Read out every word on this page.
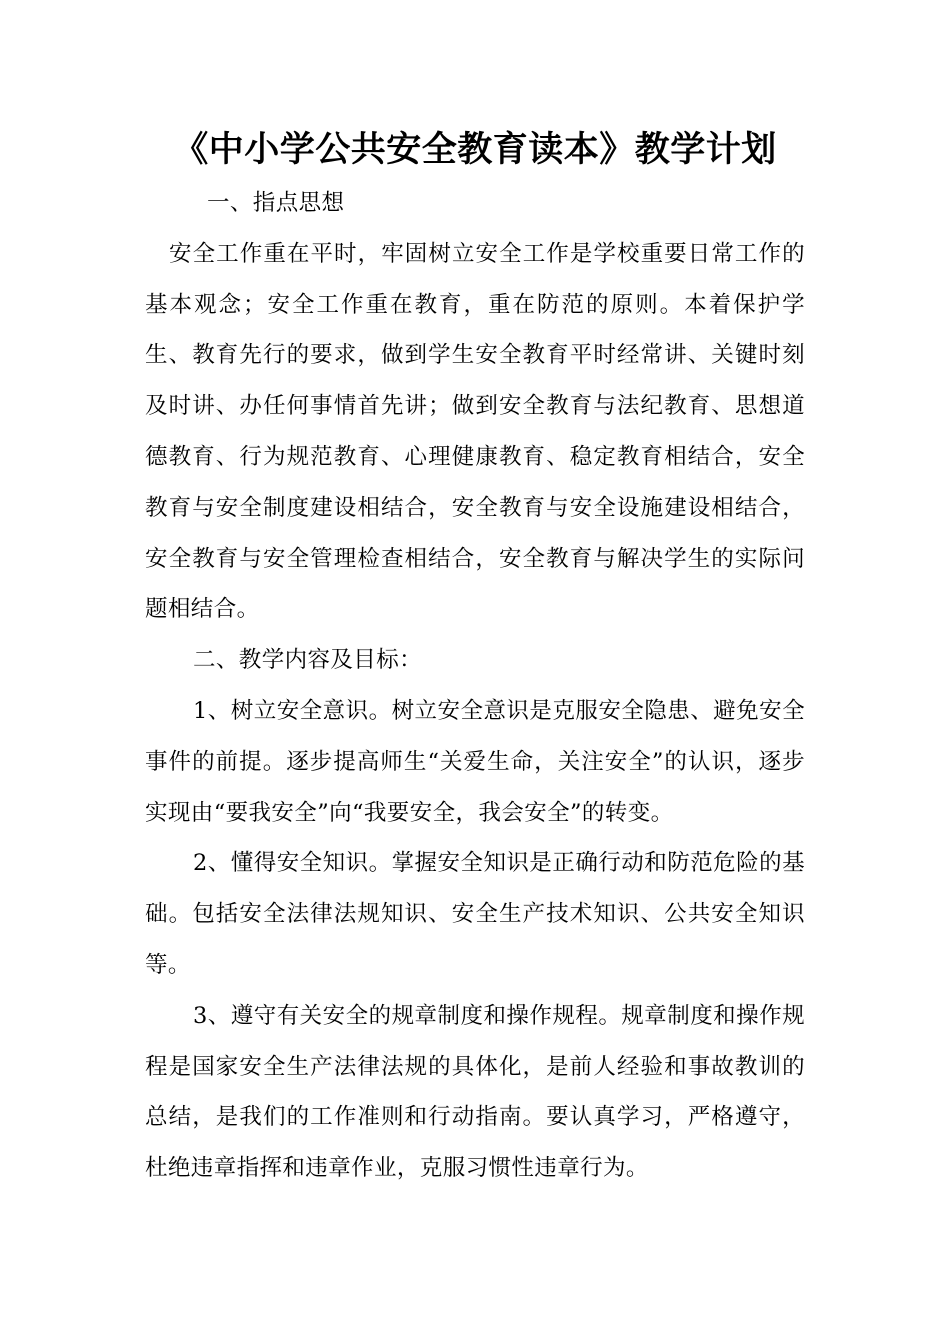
《中小学公共安全教育读本》教学计划

一、指点思想

安全工作重在平时，牢固树立安全工作是学校重要日常工作的基本观念；安全工作重在教育，重在防范的原则。本着保护学生、教育先行的要求，做到学生安全教育平时经常讲、关键时刻及时讲、办任何事情首先讲；做到安全教育与法纪教育、思想道德教育、行为规范教育、心理健康教育、稳定教育相结合，安全教育与安全制度建设相结合，安全教育与安全设施建设相结合，安全教育与安全管理检查相结合，安全教育与解决学生的实际问题相结合。

二、教学内容及目标：

1、树立安全意识。树立安全意识是克服安全隐患、避免安全事件的前提。逐步提高师生“关爱生命，关注安全”的认识，逐步实现由“要我安全”向“我要安全，我会安全”的转变。

2、懂得安全知识。掌握安全知识是正确行动和防范危险的基础。包括安全法律法规知识、安全生产技术知识、公共安全知识等。

3、遵守有关安全的规章制度和操作规程。规章制度和操作规程是国家安全生产法律法规的具体化，是前人经验和事故教训的总结，是我们的工作准则和行动指南。要认真学习，严格遵守，杜绝违章指挥和违章作业，克服习惯性违章行为。
